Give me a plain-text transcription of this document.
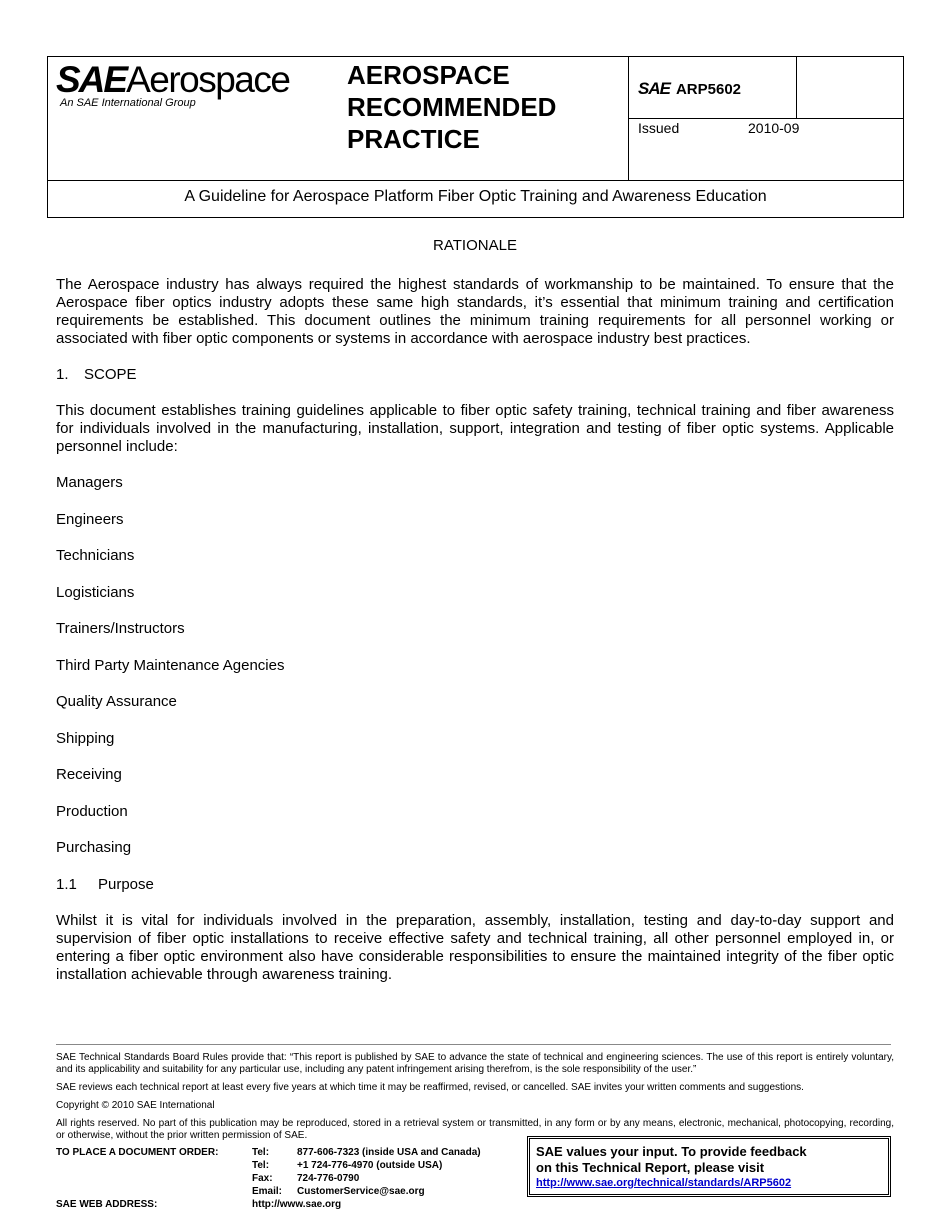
SAEAerospace
An SAE International Group
AEROSPACE
RECOMMENDED
PRACTICE
SAE ARP5602
Issued	2010-09
A Guideline for Aerospace Platform Fiber Optic Training and Awareness Education
RATIONALE
The Aerospace industry has always required the highest standards of workmanship to be maintained. To ensure that the Aerospace fiber optics industry adopts these same high standards, it’s essential that minimum training and certification requirements be established. This document outlines the minimum training requirements for all personnel working or associated with fiber optic components or systems in accordance with aerospace industry best practices.
1. SCOPE
This document establishes training guidelines applicable to fiber optic safety training, technical training and fiber awareness for individuals involved in the manufacturing, installation, support, integration and testing of fiber optic systems. Applicable personnel include:
Managers
Engineers
Technicians
Logisticians
Trainers/Instructors
Third Party Maintenance Agencies
Quality Assurance
Shipping
Receiving
Production
Purchasing
1.1 Purpose
Whilst it is vital for individuals involved in the preparation, assembly, installation, testing and day-to-day support and supervision of fiber optic installations to receive effective safety and technical training, all other personnel employed in, or entering a fiber optic environment also have considerable responsibilities to ensure the maintained integrity of the fiber optic installation achievable through awareness training.
SAE Technical Standards Board Rules provide that: “This report is published by SAE to advance the state of technical and engineering sciences. The use of this report is entirely voluntary, and its applicability and suitability for any particular use, including any patent infringement arising therefrom, is the sole responsibility of the user.”
SAE reviews each technical report at least every five years at which time it may be reaffirmed, revised, or cancelled. SAE invites your written comments and suggestions.
Copyright © 2010 SAE International
All rights reserved. No part of this publication may be reproduced, stored in a retrieval system or transmitted, in any form or by any means, electronic, mechanical, photocopying, recording, or otherwise, without the prior written permission of SAE.
TO PLACE A DOCUMENT ORDER:	Tel:	877-606-7323 (inside USA and Canada)
Tel:	+1 724-776-4970 (outside USA)
Fax: 724-776-0790
Email: CustomerService@sae.org
SAE WEB ADDRESS:	http://www.sae.org
SAE values your input. To provide feedback
on this Technical Report, please visit
http://www.sae.org/technical/standards/ARP5602
